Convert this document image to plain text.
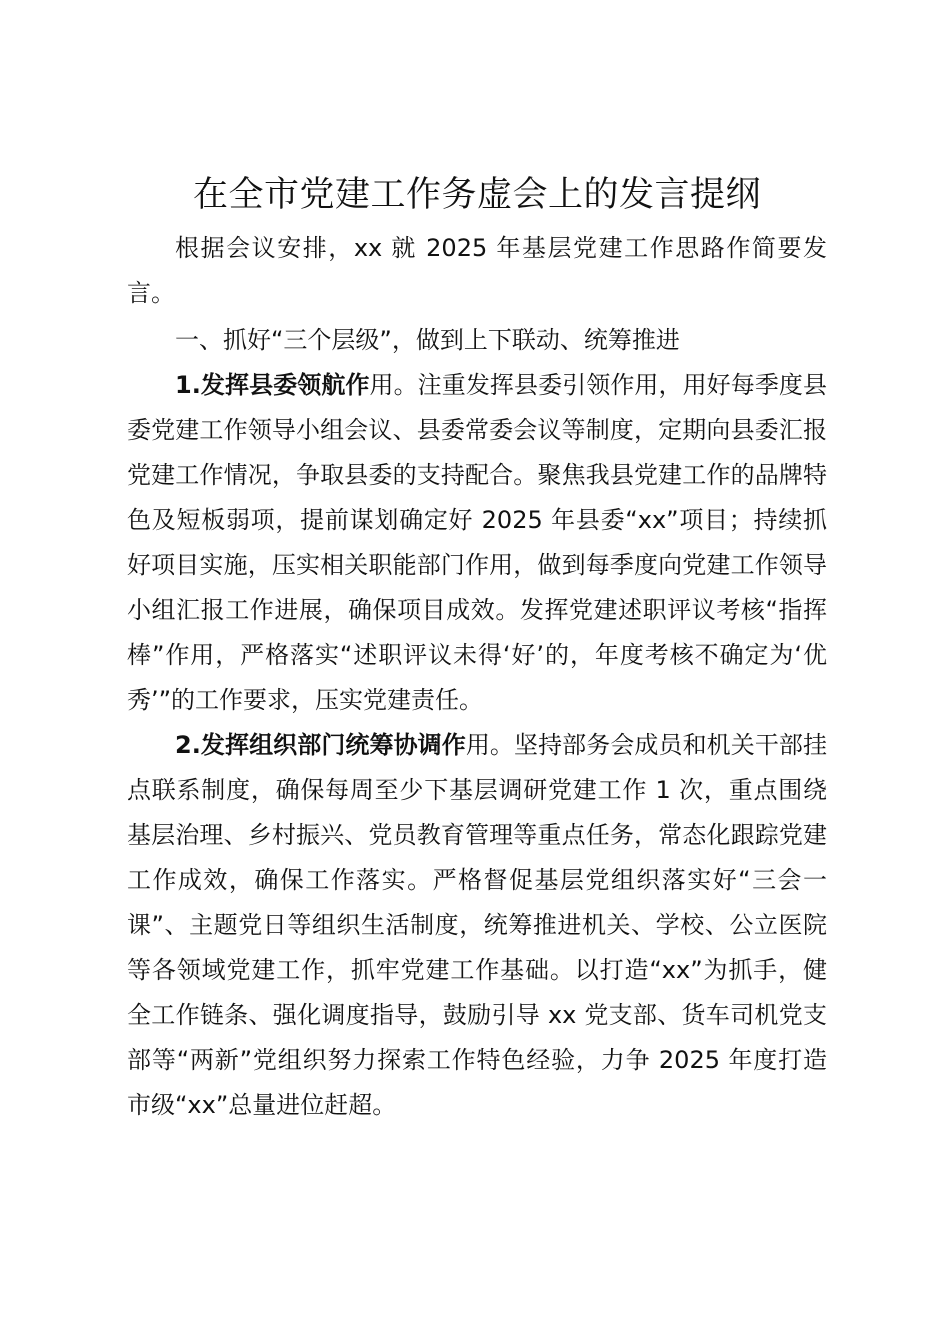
在全市党建工作务虚会上的发言提纲

根据会议安排，xx 就 2025 年基层党建工作思路作简要发言。

一、抓好“三个层级”，做到上下联动、统筹推进

1.发挥县委领航作用。注重发挥县委引领作用，用好每季度县委党建工作领导小组会议、县委常委会议等制度，定期向县委汇报党建工作情况，争取县委的支持配合。聚焦我县党建工作的品牌特色及短板弱项，提前谋划确定好 2025 年县委“xx”项目；持续抓好项目实施，压实相关职能部门作用，做到每季度向党建工作领导小组汇报工作进展，确保项目成效。发挥党建述职评议考核“指挥棒”作用，严格落实“述职评议未得‘好’的，年度考核不确定为‘优秀’”的工作要求，压实党建责任。

2.发挥组织部门统筹协调作用。坚持部务会成员和机关干部挂点联系制度，确保每周至少下基层调研党建工作 1 次，重点围绕基层治理、乡村振兴、党员教育管理等重点任务，常态化跟踪党建工作成效，确保工作落实。严格督促基层党组织落实好“三会一课”、主题党日等组织生活制度，统筹推进机关、学校、公立医院等各领域党建工作，抓牢党建工作基础。以打造“xx”为抓手，健全工作链条、强化调度指导，鼓励引导 xx 党支部、货车司机党支部等“两新”党组织努力探索工作特色经验，力争 2025 年度打造市级“xx”总量进位赶超。
